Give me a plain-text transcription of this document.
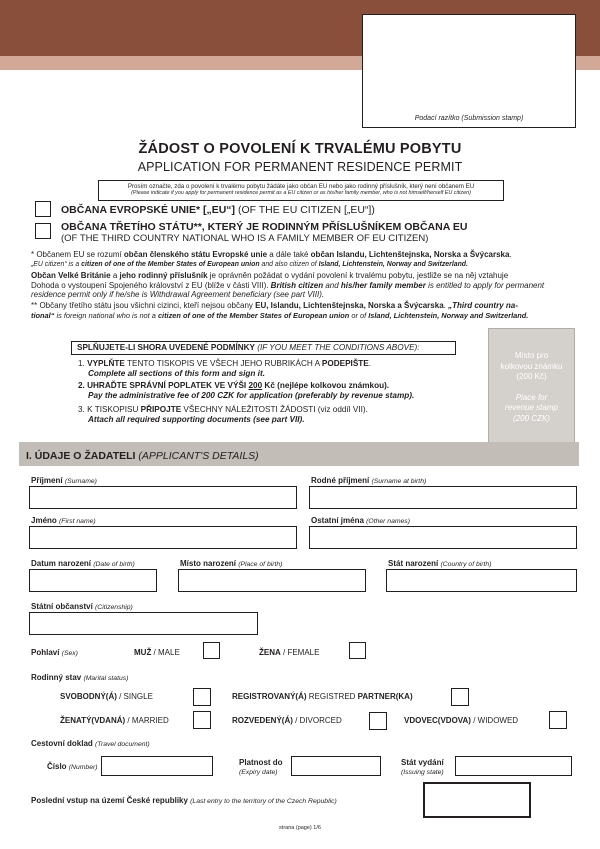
Podací razítko (Submission stamp)
ŽÁDOST O POVOLENÍ K TRVALÉMU POBYTU
APPLICATION FOR PERMANENT RESIDENCE PERMIT
Prosím označte, zda o povolení k trvalému pobytu žádáte jako občan EU nebo jako rodinný příslušník, který není občanem EU
(Please indicate if you apply for permanent residence permit as a EU citizen or as his/her family member, who is not himself/herself EU citizen)
OBČANA EVROPSKÉ UNIE* [„EU“] (OF THE EU CITIZEN [„EU“])
OBČANA TŘETÍHO STÁTU**, KTERÝ JE RODINNÝM PŘÍSLUŠNÍKEM OBČANA EU
(OF THE THIRD COUNTRY NATIONAL WHO IS A FAMILY MEMBER OF EU CITIZEN)
* Občanem EU se rozumí občan členského státu Evropské unie a dále také občan Islandu, Lichtenštejnska, Norska a Švýcarska.
„EU citizen“ is a citizen of one of the Member States of European union and also citizen of Island, Lichtenstein, Norway and Switzerland.
Občan Velké Británie a jeho rodinný příslušník je oprávněn požádat o vydání povolení k trvalému pobytu, jestliže se na něj vztahuje
Dohoda o vystoupení Spojeného království z EU (blíže v části VIII). British citizen and his/her family member is entitled to apply for permanent
residence permit only if he/she is Withdrawal Agreement beneficiary (see part VIII).
** Občany třetího státu jsou všichni cizinci, kteří nejsou občany EU, Islandu, Lichtenštejnska, Norska a Švýcarska. „Third country na-
tional“ is foreign national who is not a citizen of one of the Member States of European union or of Island, Lichtenstein, Norway and Switzerland.
SPLŇUJETE-LI SHORA UVEDENÉ PODMÍNKY (IF YOU MEET THE CONDITIONS ABOVE):
1. VYPLŇTE TENTO TISKOPIS VE VŠECH JEHO RUBRIKÁCH A PODEPIŠTE.
Complete all sections of this form and sign it.
2. UHRAĎTE SPRÁVNÍ POPLATEK VE VÝŠI 200 Kč (nejlépe kolkovou známkou).
Pay the administrative fee of 200 CZK for application (preferably by revenue stamp).
3. K TISKOPISU PŘIPOJTE VŠECHNY NÁLEŽITOSTI ŽÁDOSTI (viz oddíl VII).
Attach all required supporting documents (see part VII).
Místo pro
kolkovou známku
(200 Kč)
Place for
revenue stamp
(200 CZK)
I. ÚDAJE O ŽADATELI (APPLICANT'S DETAILS)
Příjmení (Surname)	Rodné příjmení (Surname at birth)
Jméno (First name)	Ostatní jména (Other names)
Datum narození (Date of birth)	Místo narození (Place of birth)	Stát narození (Country of birth)
Státní občanství (Citizenship)
Pohlaví (Sex)	MUŽ / MALE	ŽENA / FEMALE
Rodinný stav (Marital status)
SVOBODNÝ(Á) / SINGLE	REGISTROVANÝ(Á) REGISTRED PARTNER(KA)
ŽENATÝ(VDANÁ) / MARRIED	ROZVEDENÝ(Á) / DIVORCED	VDOVEC(VDOVA) / WIDOWED
Cestovní doklad (Travel document)
Číslo (Number)
Platnost do
(Expiry date)
Stát vydání
(Issuing state)
Poslední vstup na území České republiky (Last entry to the territory of the Czech Republic)
strana (page) 1/6
